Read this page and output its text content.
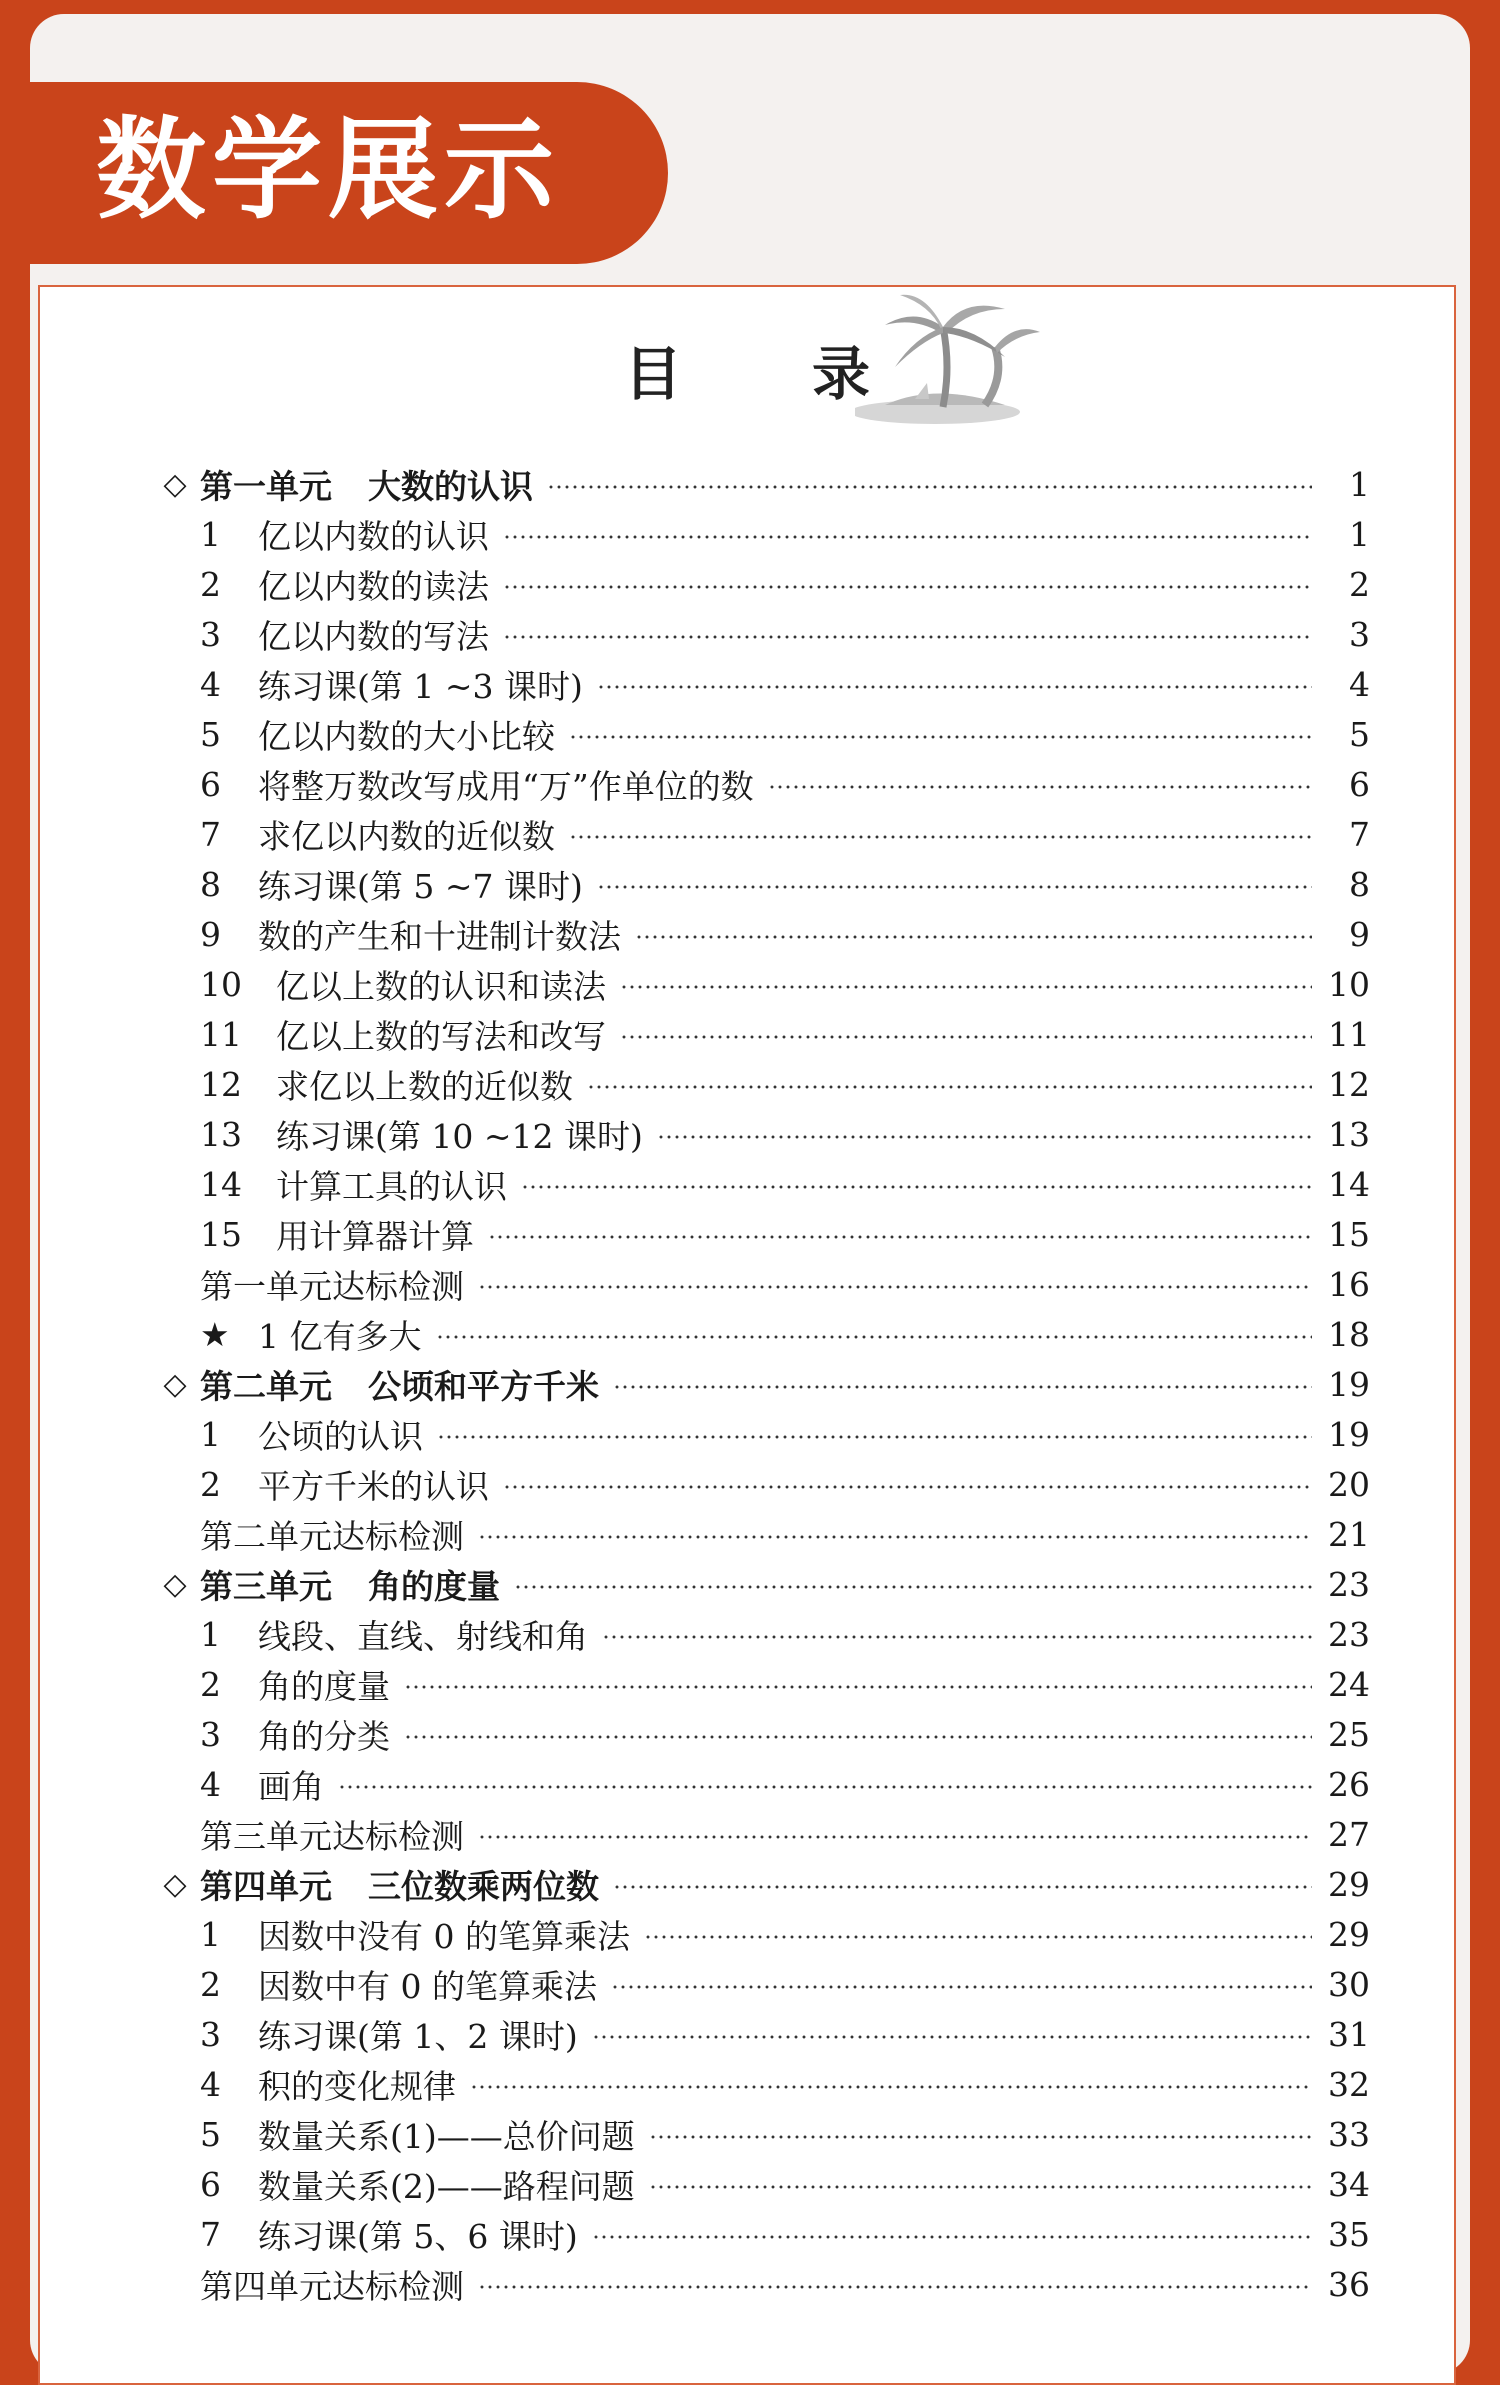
数学展示
目 录
◇ 第一单元 大数的认识	1
1	亿以内数的认识	1
2	亿以内数的读法	2
3	亿以内数的写法	3
4	练习课(第 1 ~3 课时)	4
5	亿以内数的大小比较	5
6	将整万数改写成用“万”作单位的数	6
7	求亿以内数的近似数	7
8	练习课(第 5 ~7 课时)	8
9	数的产生和十进制计数法	9
10	亿以上数的认识和读法	10
11	亿以上数的写法和改写	11
12	求亿以上数的近似数	12
13	练习课(第 10 ~12 课时)	13
14	计算工具的认识	14
15	用计算器计算	15
第一单元达标检测	16
★ 1 亿有多大	18
◇ 第二单元 公顷和平方千米	19
1	公顷的认识	19
2	平方千米的认识	20
第二单元达标检测	21
◇ 第三单元 角的度量	23
1	线段、直线、射线和角	23
2	角的度量	24
3	角的分类	25
4	画角	26
第三单元达标检测	27
◇ 第四单元 三位数乘两位数	29
1	因数中没有 0 的笔算乘法	29
2	因数中有 0 的笔算乘法	30
3	练习课(第 1、2 课时)	31
4	积的变化规律	32
5	数量关系(1)——总价问题	33
6	数量关系(2)——路程问题	34
7	练习课(第 5、6 课时)	35
第四单元达标检测	36
